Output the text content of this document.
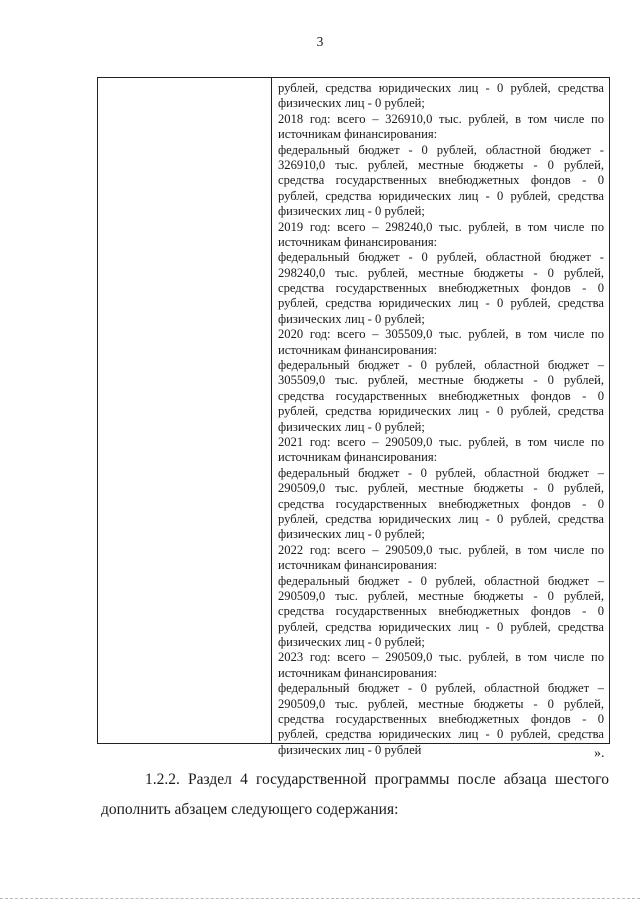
3
рублей, средства юридических лиц - 0 рублей, средства
физических лиц - 0 рублей;
2018 год: всего – 326910,0 тыс. рублей, в том числе по
источникам финансирования:
федеральный бюджет - 0 рублей, областной бюджет -
326910,0 тыс. рублей, местные бюджеты - 0 рублей,
средства государственных внебюджетных фондов - 0
рублей, средства юридических лиц - 0 рублей, средства
физических лиц - 0 рублей;
2019 год: всего – 298240,0 тыс. рублей, в том числе по
источникам финансирования:
федеральный бюджет - 0 рублей, областной бюджет -
298240,0 тыс. рублей, местные бюджеты - 0 рублей,
средства государственных внебюджетных фондов - 0
рублей, средства юридических лиц - 0 рублей, средства
физических лиц - 0 рублей;
2020 год: всего – 305509,0 тыс. рублей, в том числе по
источникам финансирования:
федеральный бюджет - 0 рублей, областной бюджет –
305509,0 тыс. рублей, местные бюджеты - 0 рублей,
средства государственных внебюджетных фондов - 0
рублей, средства юридических лиц - 0 рублей, средства
физических лиц - 0 рублей;
2021 год: всего – 290509,0 тыс. рублей, в том числе по
источникам финансирования:
федеральный бюджет - 0 рублей, областной бюджет –
290509,0 тыс. рублей, местные бюджеты - 0 рублей,
средства государственных внебюджетных фондов - 0
рублей, средства юридических лиц - 0 рублей, средства
физических лиц - 0 рублей;
2022 год: всего – 290509,0 тыс. рублей, в том числе по
источникам финансирования:
федеральный бюджет - 0 рублей, областной бюджет –
290509,0 тыс. рублей, местные бюджеты - 0 рублей,
средства государственных внебюджетных фондов - 0
рублей, средства юридических лиц - 0 рублей, средства
физических лиц - 0 рублей;
2023 год: всего – 290509,0 тыс. рублей, в том числе по
источникам финансирования:
федеральный бюджет - 0 рублей, областной бюджет –
290509,0 тыс. рублей, местные бюджеты - 0 рублей,
средства государственных внебюджетных фондов - 0
рублей, средства юридических лиц - 0 рублей, средства
физических лиц - 0 рублей	».
1.2.2. Раздел 4 государственной программы после абзаца шестого
дополнить абзацем следующего содержания:
